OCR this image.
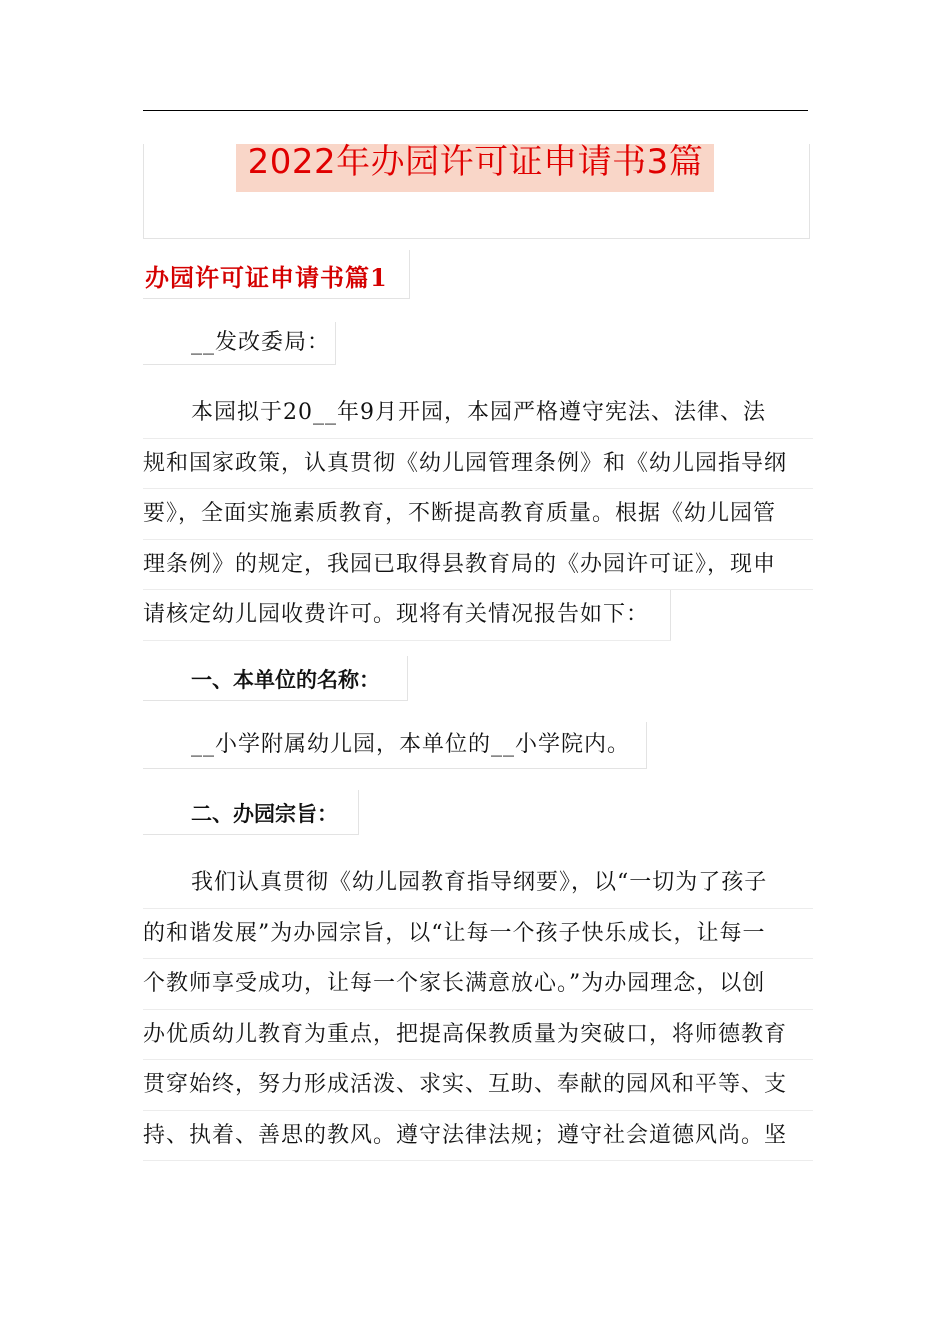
2022年办园许可证申请书3篇
办园许可证申请书篇1
__发改委局：
本园拟于20__年9月开园，本园严格遵守宪法、法律、法
规和国家政策，认真贯彻《幼儿园管理条例》和《幼儿园指导纲
要》，全面实施素质教育，不断提高教育质量。根据《幼儿园管
理条例》的规定，我园已取得县教育局的《办园许可证》，现申
请核定幼儿园收费许可。现将有关情况报告如下：
一、本单位的名称：
__小学附属幼儿园，本单位的__小学院内。
二、办园宗旨：
我们认真贯彻《幼儿园教育指导纲要》，以“一切为了孩子
的和谐发展”为办园宗旨，以“让每一个孩子快乐成长，让每一
个教师享受成功，让每一个家长满意放心。”为办园理念，以创
办优质幼儿教育为重点，把提高保教质量为突破口，将师德教育
贯穿始终，努力形成活泼、求实、互助、奉献的园风和平等、支
持、执着、善思的教风。遵守法律法规；遵守社会道德风尚。坚
